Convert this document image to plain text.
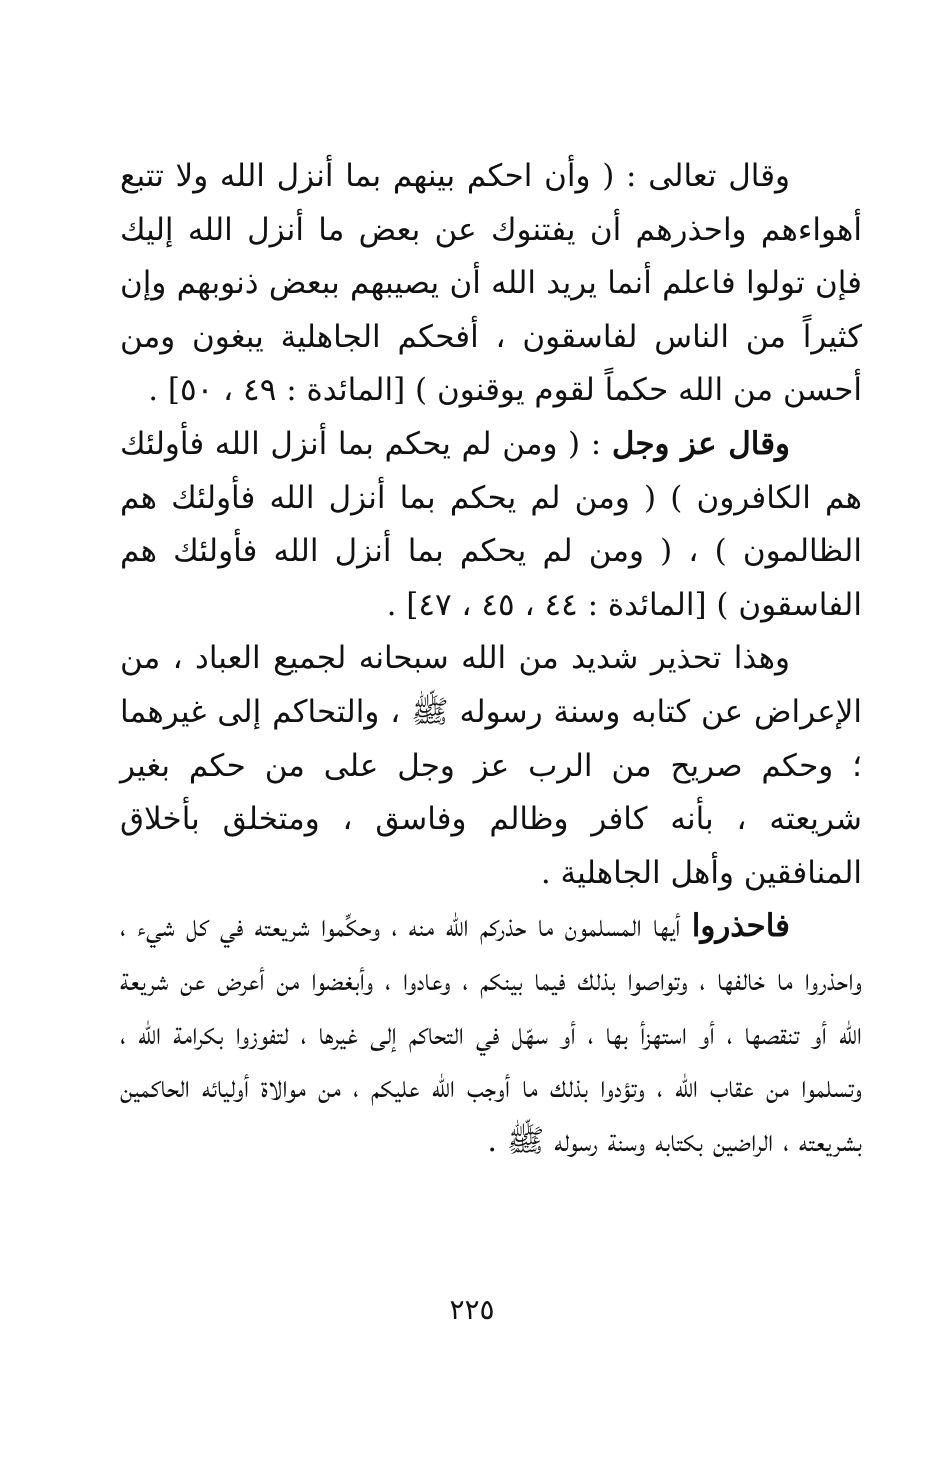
وقال تعالى : ( وأن احكم بينهم بما أنزل الله ولا تتبع أهواءهم واحذرهم أن يفتنوك عن بعض ما أنزل الله إليك فإن تولوا فاعلم أنما يريد الله أن يصيبهم ببعض ذنوبهم وإن كثيراً من الناس لفاسقون ، أفحكم الجاهلية يبغون ومن أحسن من الله حكماً لقوم يوقنون ) [المائدة : ٤٩ ، ٥٠] .

وقال عز وجل : ( ومن لم يحكم بما أنزل الله فأولئك هم الكافرون ) ( ومن لم يحكم بما أنزل الله فأولئك هم الظالمون ) ، ( ومن لم يحكم بما أنزل الله فأولئك هم الفاسقون ) [المائدة : ٤٤ ، ٤٥ ، ٤٧] .

وهذا تحذير شديد من الله سبحانه لجميع العباد ، من الإعراض عن كتابه وسنة رسوله ﷺ ، والتحاكم إلى غيرهما ؛ وحكم صريح من الرب عز وجل على من حكم بغير شريعته ، بأنه كافر وظالم وفاسق ، ومتخلق بأخلاق المنافقين وأهل الجاهلية .

فاحذروا أيها المسلمون ما حذركم الله منه ، وحكِّموا شريعته في كل شيء ، واحذروا ما خالفها ، وتواصوا بذلك فيما بينكم ، وعادوا ، وأبغضوا من أعرض عن شريعة الله أو تنقصها ، أو استهزأ بها ، أو سهّل في التحاكم إلى غيرها ، لتفوزوا بكرامة الله ، وتسلموا من عقاب الله ، وتؤدوا بذلك ما أوجب الله عليكم ، من موالاة أوليائه الحاكمين بشريعته ، الراضين بكتابه وسنة رسوله ﷺ .

٢٢٥
